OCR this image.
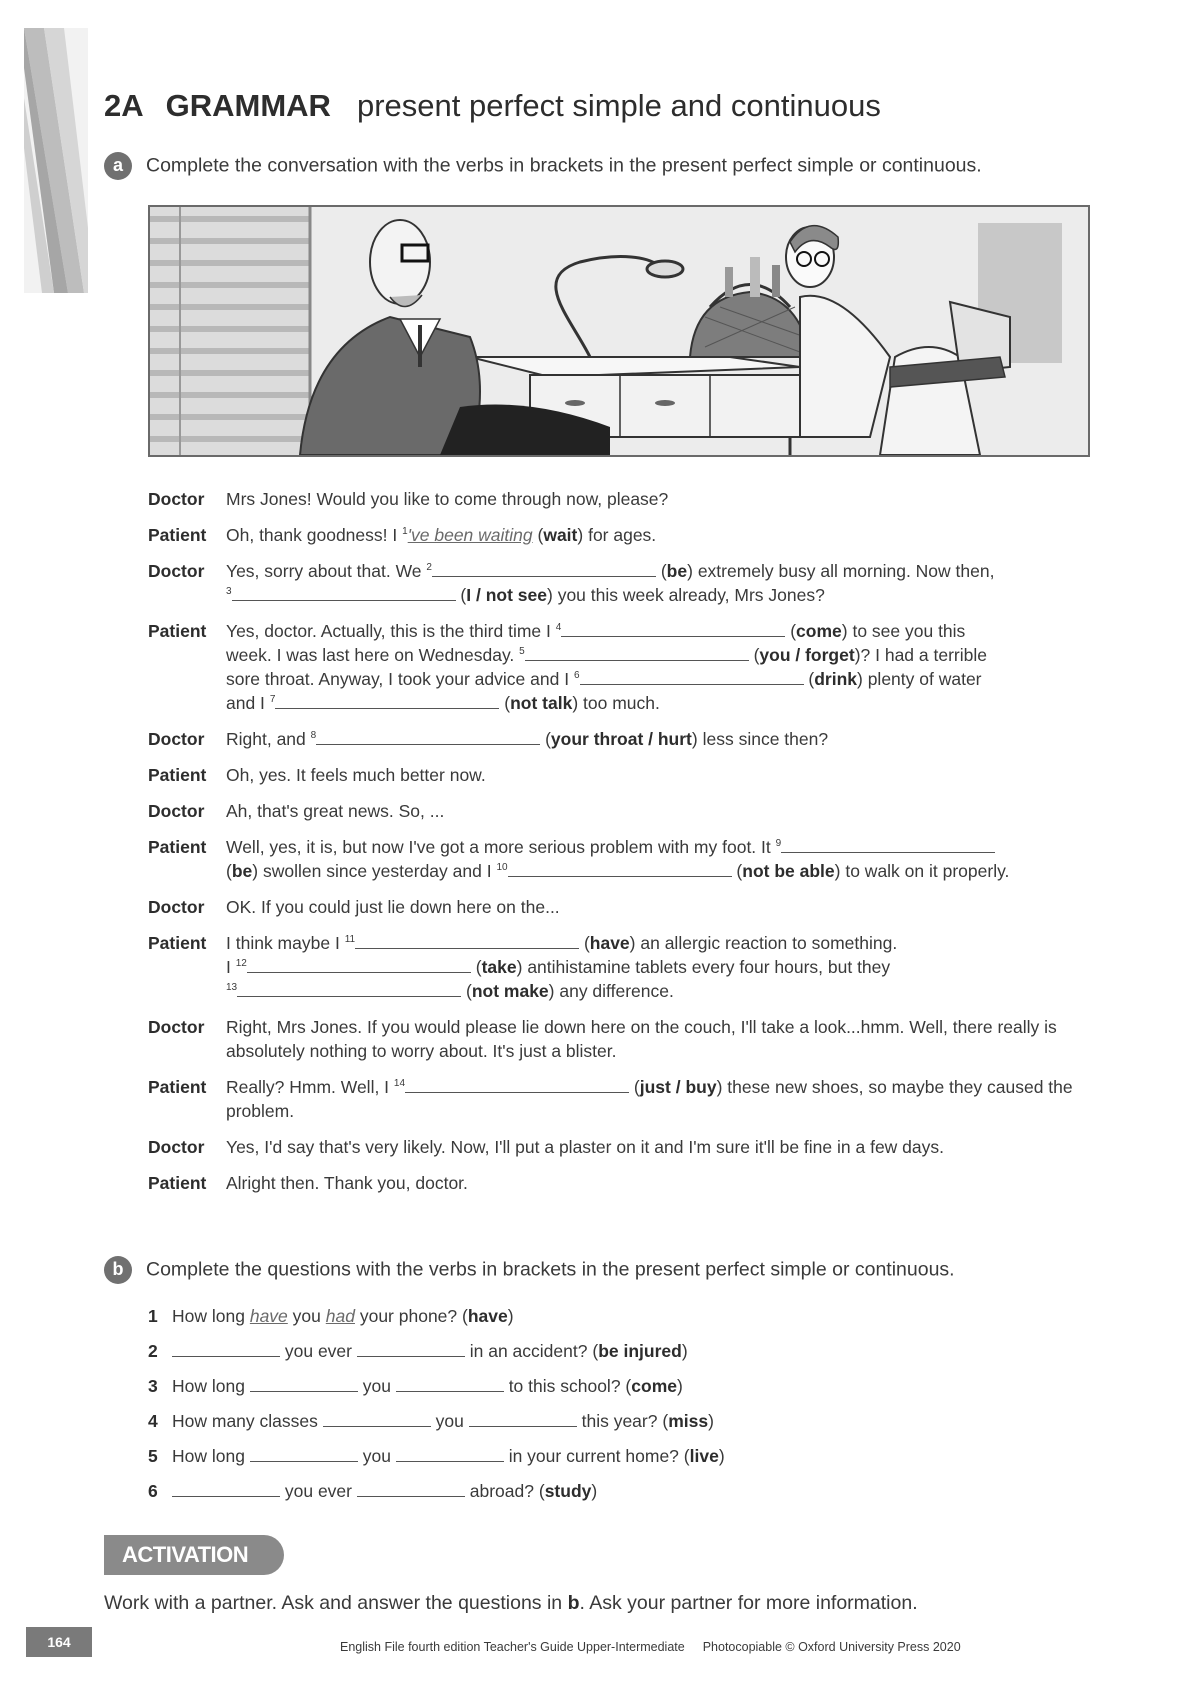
2A GRAMMAR present perfect simple and continuous
a Complete the conversation with the verbs in brackets in the present perfect simple or continuous.
Doctor	Mrs Jones! Would you like to come through now, please?
Patient	Oh, thank goodness! I $^1$'ve been waiting (wait) for ages.
Doctor	Yes, sorry about that. We $^2$	(be) extremely busy all morning. Now then,
$^3$	(I / not see) you this week already, Mrs Jones?
Patient	Yes, doctor. Actually, this is the third time I $^4$	(come) to see you this
week. I was last here on Wednesday. $^5$	(you / forget)? I had a terrible
sore throat. Anyway, I took your advice and I $^6$	(drink) plenty of water
and I $^7$	(not talk) too much.
Doctor	Right, and $^8$	(your throat / hurt) less since then?
Patient	Oh, yes. It feels much better now.
Doctor	Ah, that's great news. So, ...
Patient	Well, yes, it is, but now I've got a more serious problem with my foot. It $^9$
(be) swollen since yesterday and I $^{10}$	(not be able) to walk on it properly.
Doctor	OK. If you could just lie down here on the...
Patient	I think maybe I $^{11}$	(have) an allergic reaction to something.
I $^{12}$	(take) antihistamine tablets every four hours, but they
$^{13}$	(not make) any difference.
Doctor	Right, Mrs Jones. If you would please lie down here on the couch, I'll take a look...hmm. Well, there really is absolutely nothing to worry about. It's just a blister.
Patient	Really? Hmm. Well, I $^{14}$	(just / buy) these new shoes, so maybe they caused the problem.
Doctor	Yes, I'd say that's very likely. Now, I'll put a plaster on it and I'm sure it'll be fine in a few days.
Patient	Alright then. Thank you, doctor.
b Complete the questions with the verbs in brackets in the present perfect simple or continuous.
1 How long have you had your phone? (have)
2	you ever	in an accident? (be injured)
3 How long	you	to this school? (come)
4 How many classes	you	this year? (miss)
5 How long	you	in your current home? (live)
6	you ever	abroad? (study)
ACTIVATION
Work with a partner. Ask and answer the questions in b. Ask your partner for more information.
164	English File fourth edition Teacher's Guide Upper-Intermediate Photocopiable © Oxford University Press 2020
